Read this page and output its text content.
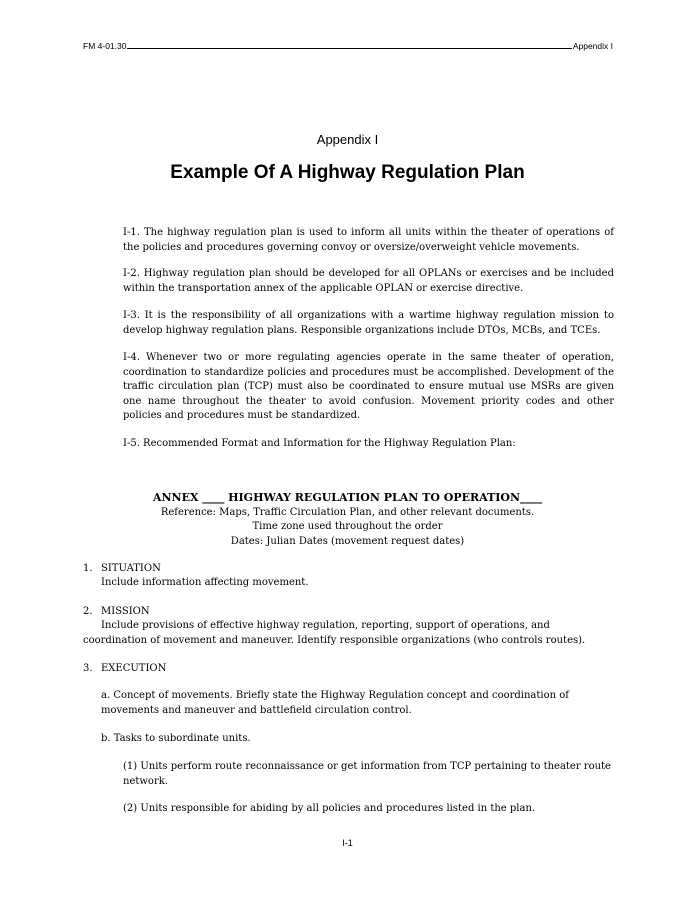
FM 4-01.30	Appendix I
Appendix I
Example Of A Highway Regulation Plan
I-1. The highway regulation plan is used to inform all units within the theater of operations of the policies and procedures governing convoy or oversize/overweight vehicle movements.
I-2. Highway regulation plan should be developed for all OPLANs or exercises and be included within the transportation annex of the applicable OPLAN or exercise directive.
I-3. It is the responsibility of all organizations with a wartime highway regulation mission to develop highway regulation plans. Responsible organizations include DTOs, MCBs, and TCEs.
I-4. Whenever two or more regulating agencies operate in the same theater of operation, coordination to standardize policies and procedures must be accomplished. Development of the traffic circulation plan (TCP) must also be coordinated to ensure mutual use MSRs are given one name throughout the theater to avoid confusion. Movement priority codes and other policies and procedures must be standardized.
I-5. Recommended Format and Information for the Highway Regulation Plan:
ANNEX ____ HIGHWAY REGULATION PLAN TO OPERATION____
Reference: Maps, Traffic Circulation Plan, and other relevant documents.
Time zone used throughout the order
Dates: Julian Dates (movement request dates)
1. SITUATION
Include information affecting movement.
2. MISSION
Include provisions of effective highway regulation, reporting, support of operations, and coordination of movement and maneuver. Identify responsible organizations (who controls routes).
3. EXECUTION
a. Concept of movements. Briefly state the Highway Regulation concept and coordination of movements and maneuver and battlefield circulation control.
b. Tasks to subordinate units.
(1) Units perform route reconnaissance or get information from TCP pertaining to theater route network.
(2) Units responsible for abiding by all policies and procedures listed in the plan.
I-1
